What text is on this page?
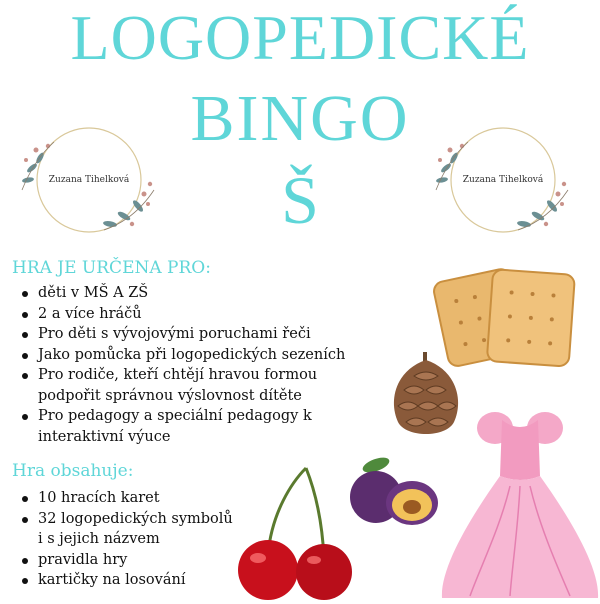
LOGOPEDICKÉ
BINGO
Š
Zuzana Tihelková	Zuzana Tihelková
HRA JE URČENA PRO:
děti v MŠ A ZŠ
2 a více hráčů
Pro děti s vývojovými poruchami řeči
Jako pomůcka při logopedických sezeních
Pro rodiče, kteří chtějí hravou formou
podpořit správnou výslovnost dítěte
Pro pedagogy a speciální pedagogy k
interaktivní výuce
Hra obsahuje:
10 hracích karet
32 logopedických symbolů
i s jejich názvem
pravidla hry
kartičky na losování
